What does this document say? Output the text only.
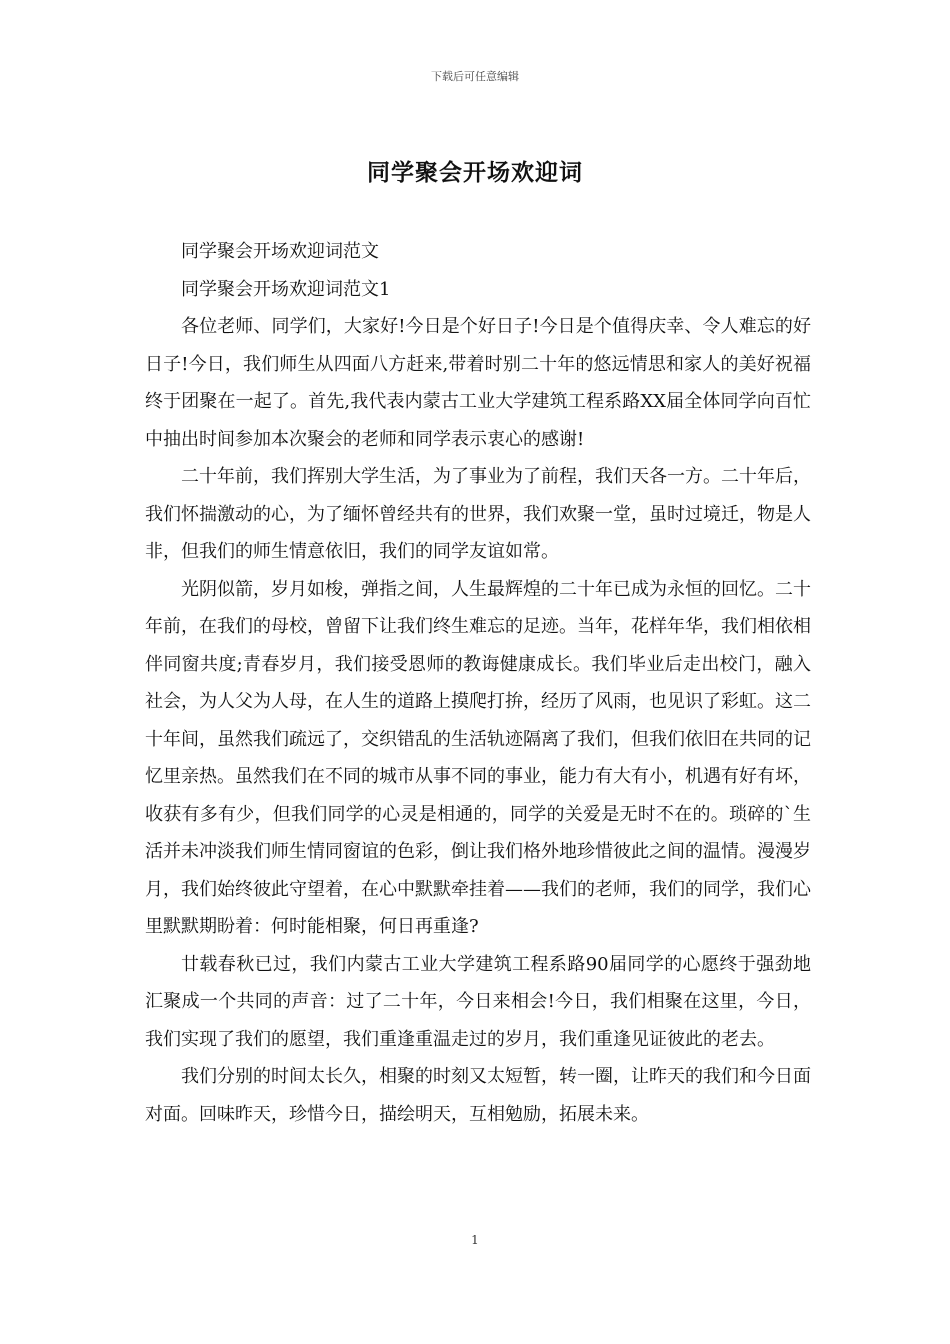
下载后可任意编辑
同学聚会开场欢迎词

同学聚会开场欢迎词范文

同学聚会开场欢迎词范文1

各位老师、同学们，大家好!今日是个好日子!今日是个值得庆幸、令人难忘的好日子!今日，我们师生从四面八方赶来,带着时别二十年的悠远情思和家人的美好祝福终于团聚在一起了。首先,我代表内蒙古工业大学建筑工程系路XX届全体同学向百忙中抽出时间参加本次聚会的老师和同学表示衷心的感谢!

二十年前，我们挥别大学生活，为了事业为了前程，我们天各一方。二十年后，我们怀揣激动的心，为了缅怀曾经共有的世界，我们欢聚一堂，虽时过境迁，物是人非，但我们的师生情意依旧，我们的同学友谊如常。

光阴似箭，岁月如梭，弹指之间，人生最辉煌的二十年已成为永恒的回忆。二十年前，在我们的母校，曾留下让我们终生难忘的足迹。当年，花样年华，我们相依相伴同窗共度;青春岁月，我们接受恩师的教诲健康成长。我们毕业后走出校门，融入社会，为人父为人母，在人生的道路上摸爬打拚，经历了风雨，也见识了彩虹。这二十年间，虽然我们疏远了，交织错乱的生活轨迹隔离了我们，但我们依旧在共同的记忆里亲热。虽然我们在不同的城市从事不同的事业，能力有大有小，机遇有好有坏，收获有多有少，但我们同学的心灵是相通的，同学的关爱是无时不在的。琐碎的`生活并未冲淡我们师生情同窗谊的色彩，倒让我们格外地珍惜彼此之间的温情。漫漫岁月，我们始终彼此守望着，在心中默默牵挂着——我们的老师，我们的同学，我们心里默默期盼着：何时能相聚，何日再重逢?

廿载春秋已过，我们内蒙古工业大学建筑工程系路90届同学的心愿终于强劲地汇聚成一个共同的声音：过了二十年，今日来相会!今日，我们相聚在这里，今日，我们实现了我们的愿望，我们重逢重温走过的岁月，我们重逢见证彼此的老去。

我们分别的时间太长久，相聚的时刻又太短暂，转一圈，让昨天的我们和今日面对面。回味昨天，珍惜今日，描绘明天，互相勉励，拓展未来。

1
